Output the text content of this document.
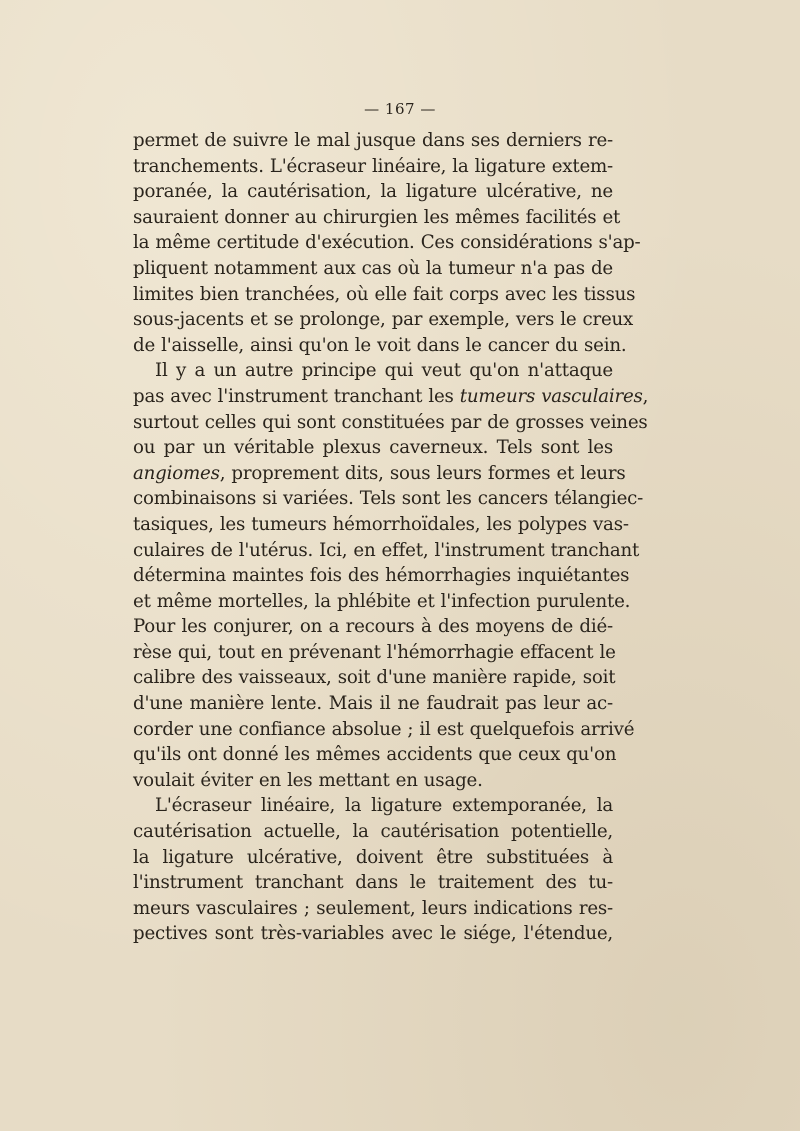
— 167 —
permet de suivre le mal jusque dans ses derniers re-
tranchements. L'écraseur linéaire, la ligature extem-
poranée, la cautérisation, la ligature ulcérative, ne
sauraient donner au chirurgien les mêmes facilités et
la même certitude d'exécution. Ces considérations s'ap-
pliquent notamment aux cas où la tumeur n'a pas de
limites bien tranchées, où elle fait corps avec les tissus
sous-jacents et se prolonge, par exemple, vers le creux
de l'aisselle, ainsi qu'on le voit dans le cancer du sein.
Il y a un autre principe qui veut qu'on n'attaque
pas avec l'instrument tranchant les tumeurs vasculaires,
surtout celles qui sont constituées par de grosses veines
ou par un véritable plexus caverneux. Tels sont les
angiomes, proprement dits, sous leurs formes et leurs
combinaisons si variées. Tels sont les cancers télangiec-
tasiques, les tumeurs hémorrhoïdales, les polypes vas-
culaires de l'utérus. Ici, en effet, l'instrument tranchant
détermina maintes fois des hémorrhagies inquiétantes
et même mortelles, la phlébite et l'infection purulente.
Pour les conjurer, on a recours à des moyens de dié-
rèse qui, tout en prévenant l'hémorrhagie effacent le
calibre des vaisseaux, soit d'une manière rapide, soit
d'une manière lente. Mais il ne faudrait pas leur ac-
corder une confiance absolue ; il est quelquefois arrivé
qu'ils ont donné les mêmes accidents que ceux qu'on
voulait éviter en les mettant en usage.
L'écraseur linéaire, la ligature extemporanée, la
cautérisation actuelle, la cautérisation potentielle,
la ligature ulcérative, doivent être substituées à
l'instrument tranchant dans le traitement des tu-
meurs vasculaires ; seulement, leurs indications res-
pectives sont très-variables avec le siége, l'étendue,
